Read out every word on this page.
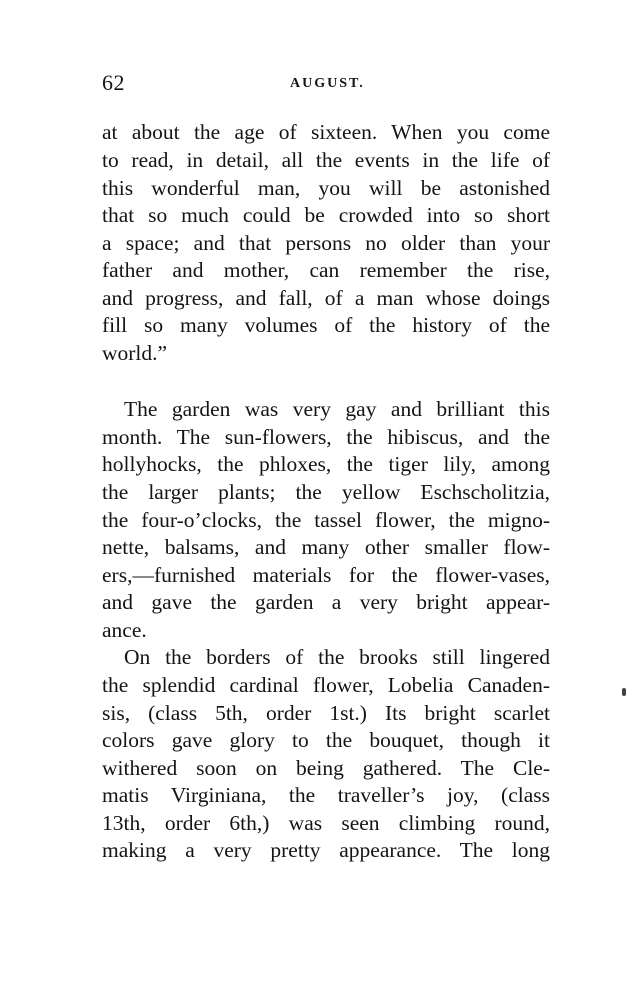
62	AUGUST.
at about the age of sixteen. When you come
to read, in detail, all the events in the life of
this wonderful man, you will be astonished
that so much could be crowded into so short
a space; and that persons no older than your
father and mother, can remember the rise,
and progress, and fall, of a man whose doings
fill so many volumes of the history of the
world.”
The garden was very gay and brilliant this
month. The sun-flowers, the hibiscus, and the
hollyhocks, the phloxes, the tiger lily, among
the larger plants; the yellow Eschscholitzia,
the four-o’clocks, the tassel flower, the migno-
nette, balsams, and many other smaller flow-
ers,—furnished materials for the flower-vases,
and gave the garden a very bright appear-
ance.
On the borders of the brooks still lingered
the splendid cardinal flower, Lobelia Canaden-
sis, (class 5th, order 1st.) Its bright scarlet
colors gave glory to the bouquet, though it
withered soon on being gathered. The Cle-
matis Virginiana, the traveller’s joy, (class
13th, order 6th,) was seen climbing round,
making a very pretty appearance. The long
